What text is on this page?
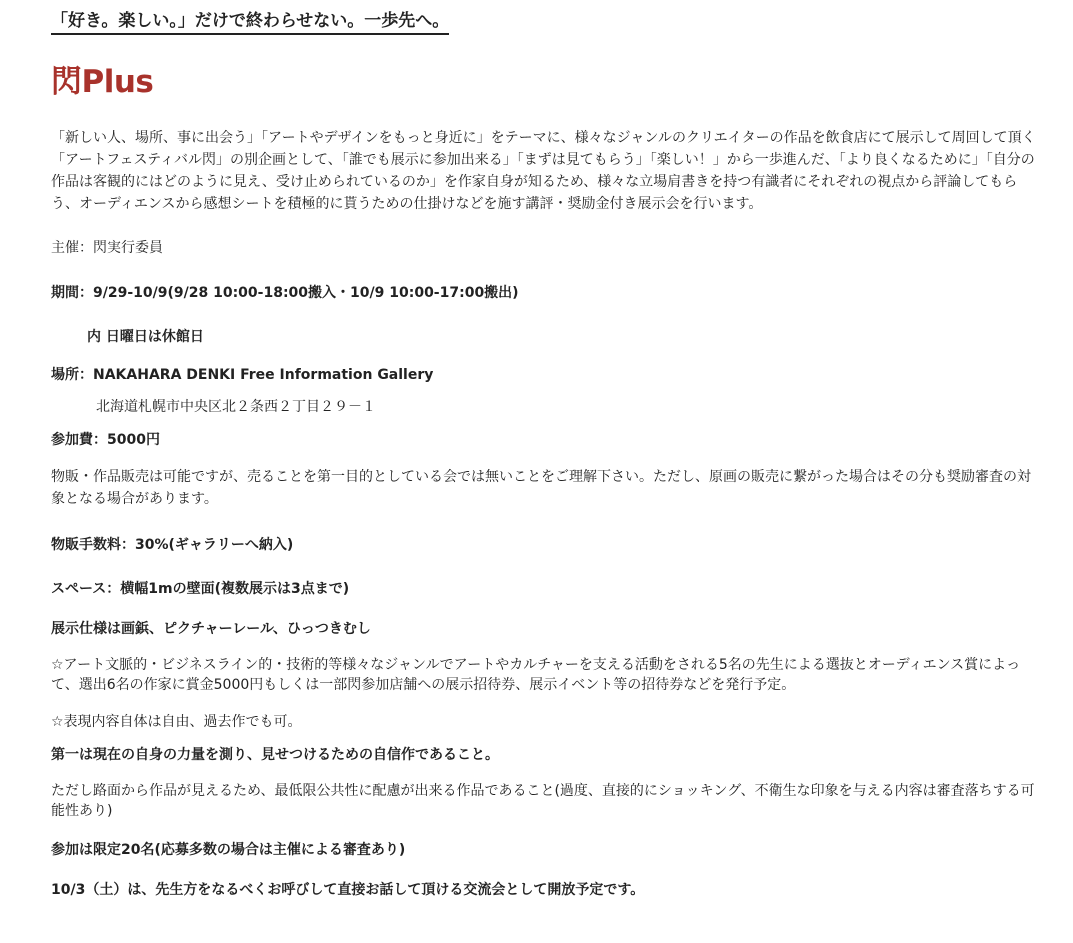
「好き。楽しい。」だけで終わらせない。一歩先へ。
閃Plus

「新しい人、場所、事に出会う」「アートやデザインをもっと身近に」をテーマに、様々なジャンルのクリエイターの作品を飲食店にて展示して周回して頂く「アートフェスティバル閃」の別企画として、「誰でも展示に参加出来る」「まずは見てもらう」「楽しい！」から一歩進んだ、「より良くなるために」「自分の作品は客観的にはどのように見え、受け止められているのか」を作家自身が知るため、様々な立場肩書きを持つ有識者にそれぞれの視点から評論してもらう、オーディエンスから感想シートを積極的に貰うための仕掛けなどを施す講評・奨励金付き展示会を行います。

主催：閃実行委員

期間：9/29-10/9(9/28 10:00-18:00搬入・10/9 10:00-17:00搬出)

内 日曜日は休館日

場所：NAKAHARA DENKI Free Information Gallery

北海道札幌市中央区北２条西２丁目２９－１

参加費：5000円

物販・作品販売は可能ですが、売ることを第一目的としている会では無いことをご理解下さい。ただし、原画の販売に繋がった場合はその分も奨励審査の対象となる場合があります。

物販手数料：30%(ギャラリーへ納入)

スペース：横幅1mの壁面(複数展示は3点まで)

展示仕様は画鋲、ピクチャーレール、ひっつきむし

☆アート文脈的・ビジネスライン的・技術的等様々なジャンルでアートやカルチャーを支える活動をされる5名の先生による選抜とオーディエンス賞によって、選出6名の作家に賞金5000円もしくは一部閃参加店舗への展示招待券、展示イベント等の招待券などを発行予定。

☆表現内容自体は自由、過去作でも可。

第一は現在の自身の力量を測り、見せつけるための自信作であること。

ただし路面から作品が見えるため、最低限公共性に配慮が出来る作品であること(過度、直接的にショッキング、不衛生な印象を与える内容は審査落ちする可能性あり)

参加は限定20名(応募多数の場合は主催による審査あり)

10/3（土）は、先生方をなるべくお呼びして直接お話して頂ける交流会として開放予定です。
